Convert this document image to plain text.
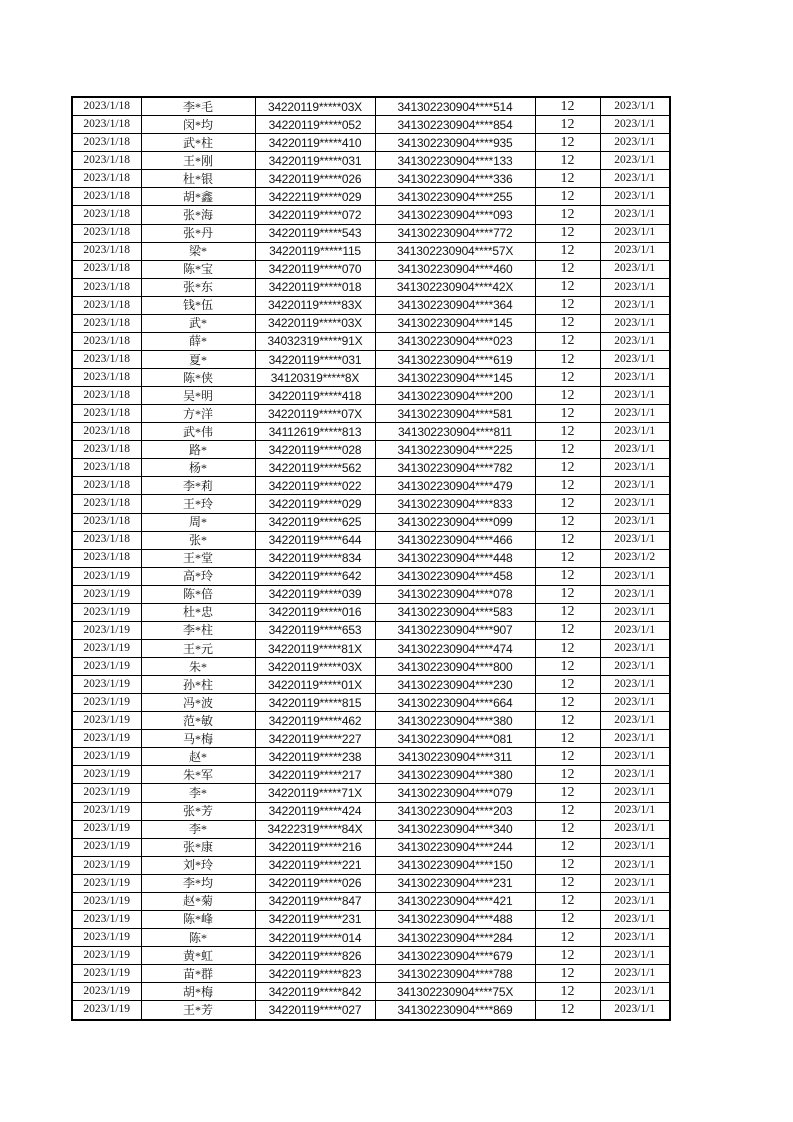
2023/1/18	李*毛	34220119*****03X	341302230904****514	12	2023/1/1
2023/1/18	闵*均	34220119*****052	341302230904****854	12	2023/1/1
2023/1/18	武*柱	34220119*****410	341302230904****935	12	2023/1/1
2023/1/18	王*刚	34220119*****031	341302230904****133	12	2023/1/1
2023/1/18	杜*银	34220119*****026	341302230904****336	12	2023/1/1
2023/1/18	胡*鑫	34222119*****029	341302230904****255	12	2023/1/1
2023/1/18	张*海	34220119*****072	341302230904****093	12	2023/1/1
2023/1/18	张*丹	34220119*****543	341302230904****772	12	2023/1/1
2023/1/18	梁*	34220119*****115	341302230904****57X	12	2023/1/1
2023/1/18	陈*宝	34220119*****070	341302230904****460	12	2023/1/1
2023/1/18	张*东	34220119*****018	341302230904****42X	12	2023/1/1
2023/1/18	钱*伍	34220119*****83X	341302230904****364	12	2023/1/1
2023/1/18	武*	34220119*****03X	341302230904****145	12	2023/1/1
2023/1/18	薛*	34032319*****91X	341302230904****023	12	2023/1/1
2023/1/18	夏*	34220119*****031	341302230904****619	12	2023/1/1
2023/1/18	陈*侠	34120319*****8X	341302230904****145	12	2023/1/1
2023/1/18	吴*明	34220119*****418	341302230904****200	12	2023/1/1
2023/1/18	方*洋	34220119*****07X	341302230904****581	12	2023/1/1
2023/1/18	武*伟	34112619*****813	341302230904****811	12	2023/1/1
2023/1/18	路*	34220119*****028	341302230904****225	12	2023/1/1
2023/1/18	杨*	34220119*****562	341302230904****782	12	2023/1/1
2023/1/18	李*莉	34220119*****022	341302230904****479	12	2023/1/1
2023/1/18	王*玲	34220119*****029	341302230904****833	12	2023/1/1
2023/1/18	周*	34220119*****625	341302230904****099	12	2023/1/1
2023/1/18	张*	34220119*****644	341302230904****466	12	2023/1/1
2023/1/18	王*堂	34220119*****834	341302230904****448	12	2023/1/2
2023/1/19	高*玲	34220119*****642	341302230904****458	12	2023/1/1
2023/1/19	陈*倍	34220119*****039	341302230904****078	12	2023/1/1
2023/1/19	杜*忠	34220119*****016	341302230904****583	12	2023/1/1
2023/1/19	李*柱	34220119*****653	341302230904****907	12	2023/1/1
2023/1/19	王*元	34220119*****81X	341302230904****474	12	2023/1/1
2023/1/19	朱*	34220119*****03X	341302230904****800	12	2023/1/1
2023/1/19	孙*柱	34220119*****01X	341302230904****230	12	2023/1/1
2023/1/19	冯*波	34220119*****815	341302230904****664	12	2023/1/1
2023/1/19	范*敏	34220119*****462	341302230904****380	12	2023/1/1
2023/1/19	马*梅	34220119*****227	341302230904****081	12	2023/1/1
2023/1/19	赵*	34220119*****238	341302230904****311	12	2023/1/1
2023/1/19	朱*军	34220119*****217	341302230904****380	12	2023/1/1
2023/1/19	李*	34220119*****71X	341302230904****079	12	2023/1/1
2023/1/19	张*芳	34220119*****424	341302230904****203	12	2023/1/1
2023/1/19	李*	34222319*****84X	341302230904****340	12	2023/1/1
2023/1/19	张*康	34220119*****216	341302230904****244	12	2023/1/1
2023/1/19	刘*玲	34220119*****221	341302230904****150	12	2023/1/1
2023/1/19	李*均	34220119*****026	341302230904****231	12	2023/1/1
2023/1/19	赵*菊	34220119*****847	341302230904****421	12	2023/1/1
2023/1/19	陈*峰	34220119*****231	341302230904****488	12	2023/1/1
2023/1/19	陈*	34220119*****014	341302230904****284	12	2023/1/1
2023/1/19	黄*虹	34220119*****826	341302230904****679	12	2023/1/1
2023/1/19	苗*群	34220119*****823	341302230904****788	12	2023/1/1
2023/1/19	胡*梅	34220119*****842	341302230904****75X	12	2023/1/1
2023/1/19	王*芳	34220119*****027	341302230904****869	12	2023/1/1
